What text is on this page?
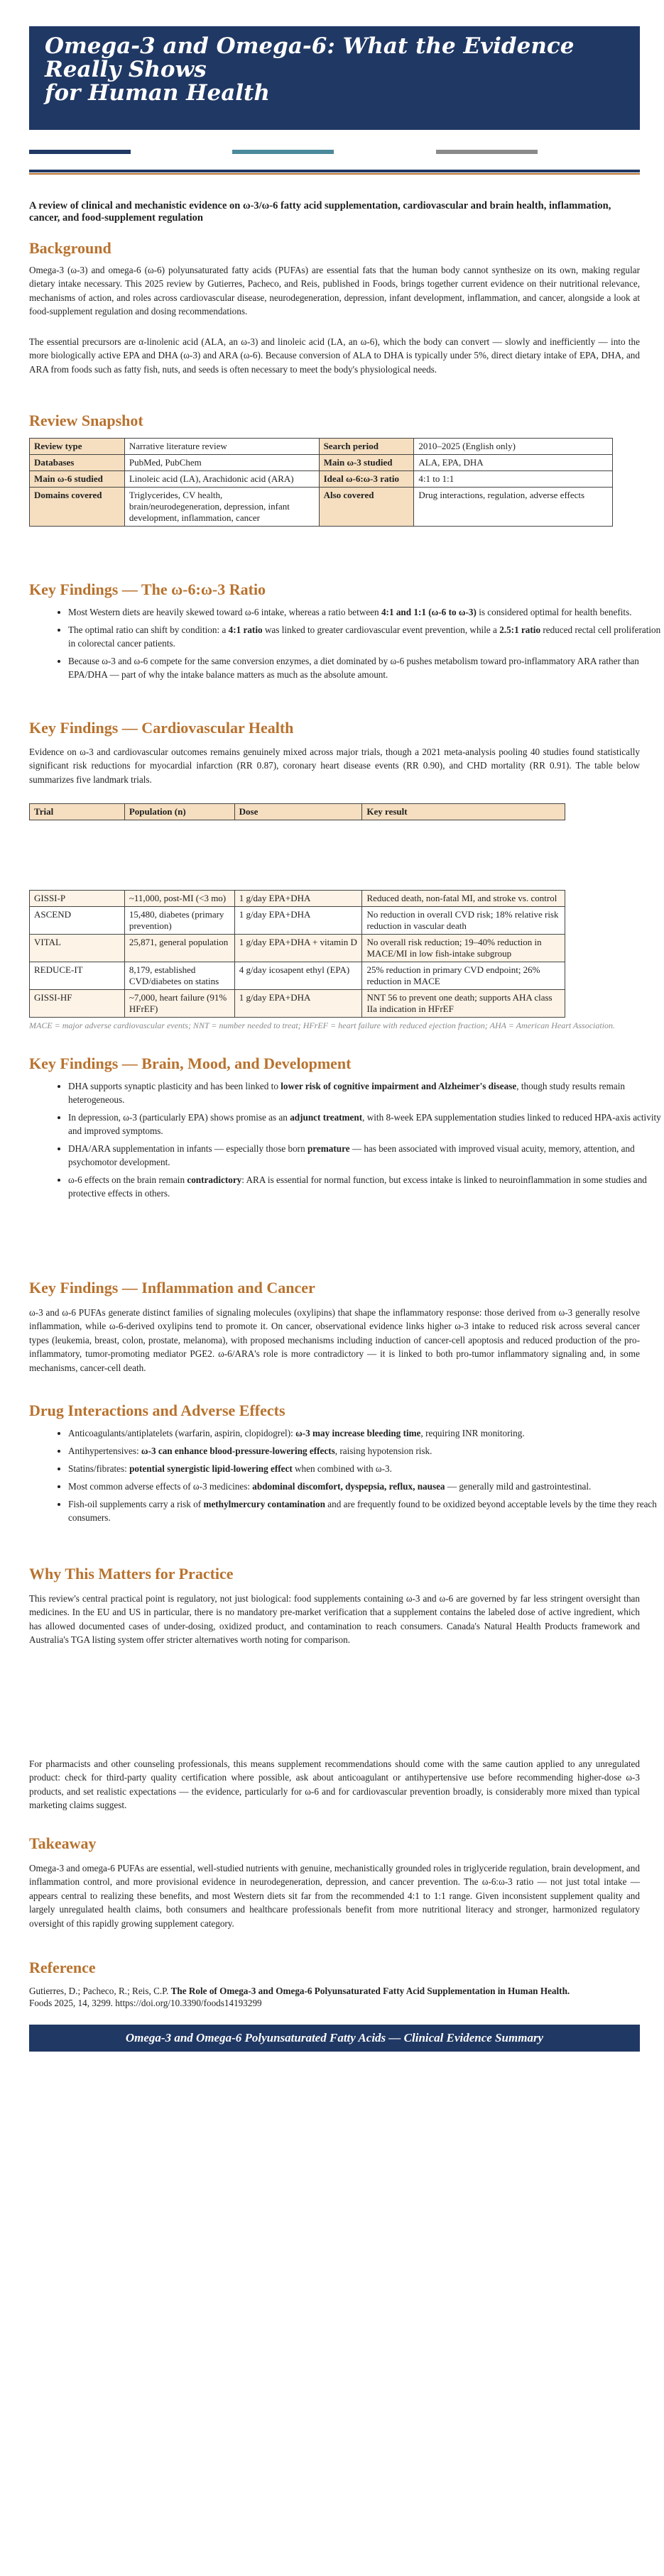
Omega-3 and Omega-6: What the Evidence
Really Shows
for Human Health
A review of clinical and mechanistic evidence on ω-3/ω-6 fatty acid supplementation, cardiovascular and brain health, inflammation, cancer, and food-supplement regulation
Background

Omega-3 (ω-3) and omega-6 (ω-6) polyunsaturated fatty acids (PUFAs) are essential fats that the human body cannot synthesize on its own, making regular dietary intake necessary. This 2025 review by Gutierres, Pacheco, and Reis, published in Foods, brings together current evidence on their nutritional relevance, mechanisms of action, and roles across cardiovascular disease, neurodegeneration, depression, infant development, inflammation, and cancer, alongside a look at food-supplement regulation and dosing recommendations.

The essential precursors are α-linolenic acid (ALA, an ω-3) and linoleic acid (LA, an ω-6), which the body can convert — slowly and inefficiently — into the more biologically active EPA and DHA (ω-3) and ARA (ω-6). Because conversion of ALA to DHA is typically under 5%, direct dietary intake of EPA, DHA, and ARA from foods such as fatty fish, nuts, and seeds is often necessary to meet the body's physiological needs.

Review Snapshot
Review type	Narrative literature review	Search period	2010–2025 (English only)
Databases	PubMed, PubChem	Main ω-3 studied	ALA, EPA, DHA
Main ω-6 studied	Linoleic acid (LA), Arachidonic acid (ARA)	Ideal ω-6:ω-3 ratio	4:1 to 1:1
Domains covered	Triglycerides, CV health, brain/neurodegeneration, depression, infant development, inflammation, cancer	Also covered	Drug interactions, regulation, adverse effects
Key Findings — The ω-6:ω-3 Ratio
• Most Western diets are heavily skewed toward ω-6 intake, whereas a ratio between 4:1 and 1:1 (ω-6 to ω-3) is considered optimal for health benefits.
• The optimal ratio can shift by condition: a 4:1 ratio was linked to greater cardiovascular event prevention, while a 2.5:1 ratio reduced rectal cell proliferation in colorectal cancer patients.
• Because ω-3 and ω-6 compete for the same conversion enzymes, a diet dominated by ω-6 pushes metabolism toward pro-inflammatory ARA rather than EPA/DHA — part of why the intake balance matters as much as the absolute amount.
Key Findings — Cardiovascular Health

Evidence on ω-3 and cardiovascular outcomes remains genuinely mixed across major trials, though a 2021 meta-analysis pooling 40 studies found statistically significant risk reductions for myocardial infarction (RR 0.87), coronary heart disease events (RR 0.90), and CHD mortality (RR 0.91). The table below summarizes five landmark trials.

Trial	Population (n)	Dose	Key result
GISSI-P	~11,000, post-MI (<3 mo)	1 g/day EPA+DHA	Reduced death, non-fatal MI, and stroke vs. control
ASCEND	15,480, diabetes (primary prevention)	1 g/day EPA+DHA	No reduction in overall CVD risk; 18% relative risk reduction in vascular death
VITAL	25,871, general population	1 g/day EPA+DHA + vitamin D	No overall risk reduction; 19–40% reduction in MACE/MI in low fish-intake subgroup
REDUCE-IT	8,179, established CVD/diabetes on statins	4 g/day icosapent ethyl (EPA)	25% reduction in primary CVD endpoint; 26% reduction in MACE
GISSI-HF	~7,000, heart failure (91% HFrEF)	1 g/day EPA+DHA	NNT 56 to prevent one death; supports AHA class IIa indication in HFrEF
MACE = major adverse cardiovascular events; NNT = number needed to treat; HFrEF = heart failure with reduced ejection fraction; AHA = American Heart Association.
Key Findings — Brain, Mood, and Development
• DHA supports synaptic plasticity and has been linked to lower risk of cognitive impairment and Alzheimer's disease, though study results remain heterogeneous.
• In depression, ω-3 (particularly EPA) shows promise as an adjunct treatment, with 8-week EPA supplementation studies linked to reduced HPA-axis activity and improved symptoms.
• DHA/ARA supplementation in infants — especially those born premature — has been associated with improved visual acuity, memory, attention, and psychomotor development.
• ω-6 effects on the brain remain contradictory: ARA is essential for normal function, but excess intake is linked to neuroinflammation in some studies and protective effects in others.
Key Findings — Inflammation and Cancer

ω-3 and ω-6 PUFAs generate distinct families of signaling molecules (oxylipins) that shape the inflammatory response: those derived from ω-3 generally resolve inflammation, while ω-6-derived oxylipins tend to promote it. On cancer, observational evidence links higher ω-3 intake to reduced risk across several cancer types (leukemia, breast, colon, prostate, melanoma), with proposed mechanisms including induction of cancer-cell apoptosis and reduced production of the pro-inflammatory, tumor-promoting mediator PGE2. ω-6/ARA's role is more contradictory — it is linked to both pro-tumor inflammatory signaling and, in some mechanisms, cancer-cell death.

Drug Interactions and Adverse Effects
• Anticoagulants/antiplatelets (warfarin, aspirin, clopidogrel): ω-3 may increase bleeding time, requiring INR monitoring.
• Antihypertensives: ω-3 can enhance blood-pressure-lowering effects, raising hypotension risk.
• Statins/fibrates: potential synergistic lipid-lowering effect when combined with ω-3.
• Most common adverse effects of ω-3 medicines: abdominal discomfort, dyspepsia, reflux, nausea — generally mild and gastrointestinal.
• Fish-oil supplements carry a risk of methylmercury contamination and are frequently found to be oxidized beyond acceptable levels by the time they reach consumers.
Why This Matters for Practice

This review's central practical point is regulatory, not just biological: food supplements containing ω-3 and ω-6 are governed by far less stringent oversight than medicines. In the EU and US in particular, there is no mandatory pre-market verification that a supplement contains the labeled dose of active ingredient, which has allowed documented cases of under-dosing, oxidized product, and contamination to reach consumers. Canada's Natural Health Products framework and Australia's TGA listing system offer stricter alternatives worth noting for comparison.

For pharmacists and other counseling professionals, this means supplement recommendations should come with the same caution applied to any unregulated product: check for third-party quality certification where possible, ask about anticoagulant or antihypertensive use before recommending higher-dose ω-3 products, and set realistic expectations — the evidence, particularly for ω-6 and for cardiovascular prevention broadly, is considerably more mixed than typical marketing claims suggest.

Takeaway

Omega-3 and omega-6 PUFAs are essential, well-studied nutrients with genuine, mechanistically grounded roles in triglyceride regulation, brain development, and inflammation control, and more provisional evidence in neurodegeneration, depression, and cancer prevention. The ω-6:ω-3 ratio — not just total intake — appears central to realizing these benefits, and most Western diets sit far from the recommended 4:1 to 1:1 range. Given inconsistent supplement quality and largely unregulated health claims, both consumers and healthcare professionals benefit from more nutritional literacy and stronger, harmonized regulatory oversight of this rapidly growing supplement category.

Reference
Gutierres, D.; Pacheco, R.; Reis, C.P. The Role of Omega-3 and Omega-6 Polyunsaturated Fatty Acid Supplementation in Human Health.
Foods 2025, 14, 3299. https://doi.org/10.3390/foods14193299
Omega-3 and Omega-6 Polyunsaturated Fatty Acids — Clinical Evidence Summary
